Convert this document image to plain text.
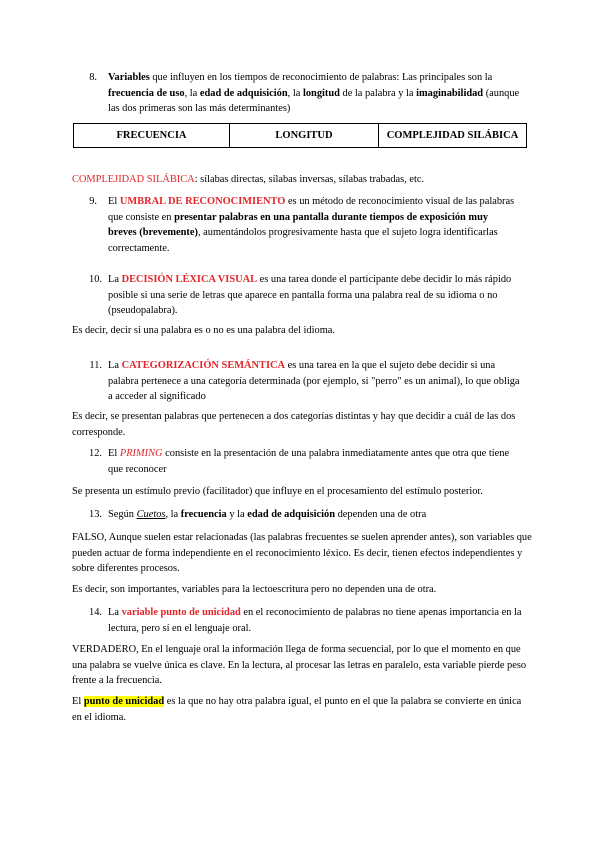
8. Variables que influyen en los tiempos de reconocimiento de palabras: Las principales son la frecuencia de uso, la edad de adquisición, la longitud de la palabra y la imaginabilidad (aunque las dos primeras son las más determinantes)
FRECUENCIA	LONGITUD	COMPLEJIDAD SILÁBICA
COMPLEJIDAD SILÁBICA: sílabas directas, sílabas inversas, sílabas trabadas, etc.
9. El UMBRAL DE RECONOCIMIENTO es un método de reconocimiento visual de las palabras que consiste en presentar palabras en una pantalla durante tiempos de exposición muy breves (brevemente), aumentándolos progresivamente hasta que el sujeto logra identificarlas correctamente.
10. La DECISIÓN LÉXICA VISUAL es una tarea donde el participante debe decidir lo más rápido posible si una serie de letras que aparece en pantalla forma una palabra real de su idioma o no (pseudopalabra).
Es decir, decir si una palabra es o no es una palabra del idioma.
11. La CATEGORIZACIÓN SEMÁNTICA es una tarea en la que el sujeto debe decidir si una palabra pertenece a una categoría determinada (por ejemplo, si "perro" es un animal), lo que obliga a acceder al significado
Es decir, se presentan palabras que pertenecen a dos categorías distintas y hay que decidir a cuál de las dos corresponde.
12. El PRIMING consiste en la presentación de una palabra inmediatamente antes que otra que tiene que reconocer
Se presenta un estímulo previo (facilitador) que influye en el procesamiento del estímulo posterior.
13. Según Cuetos, la frecuencia y la edad de adquisición dependen una de otra
FALSO, Aunque suelen estar relacionadas (las palabras frecuentes se suelen aprender antes), son variables que pueden actuar de forma independiente en el reconocimiento léxico. Es decir, tienen efectos independientes y sobre diferentes procesos.
Es decir, son importantes, variables para la lectoescritura pero no dependen una de otra.
14. La variable punto de unicidad en el reconocimiento de palabras no tiene apenas importancia en la lectura, pero sí en el lenguaje oral.
VERDADERO, En el lenguaje oral la información llega de forma secuencial, por lo que el momento en que una palabra se vuelve única es clave. En la lectura, al procesar las letras en paralelo, esta variable pierde peso frente a la frecuencia.
El punto de unicidad es la que no hay otra palabra igual, el punto en el que la palabra se convierte en única en el idioma.
